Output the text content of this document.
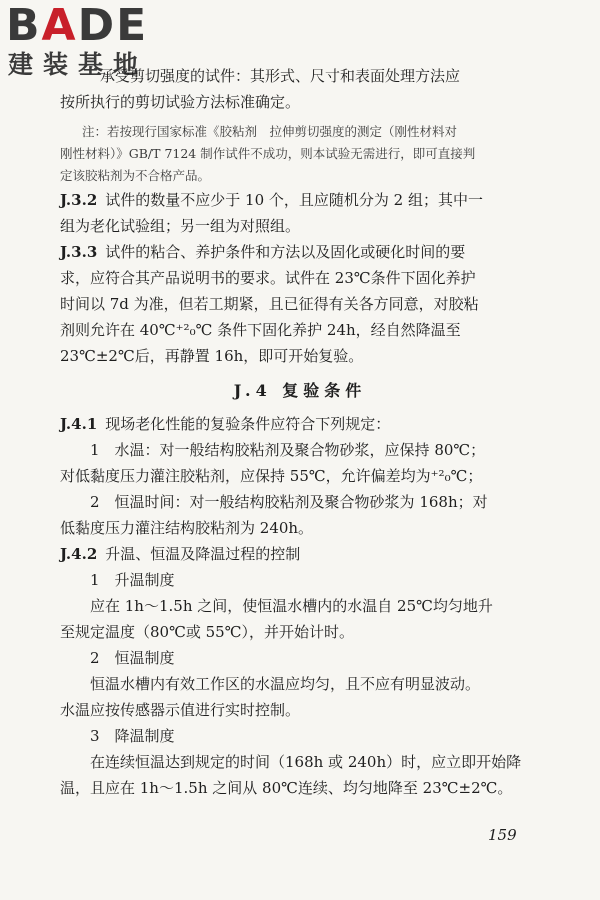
B A D E
建装基地
承受剪切强度的试件：其形式、尺寸和表面处理方法应
按所执行的剪切试验方法标准确定。
注：若按现行国家标准《胶粘剂　拉伸剪切强度的测定（刚性材料对
刚性材料）》GB/T 7124 制作试件不成功，则本试验无需进行，即可直接判
定该胶粘剂为不合格产品。
J.3.2 试件的数量不应少于 10 个，且应随机分为 2 组；其中一
组为老化试验组；另一组为对照组。
J.3.3 试件的粘合、养护条件和方法以及固化或硬化时间的要
求，应符合其产品说明书的要求。试件在 23℃条件下固化养护
时间以 7d 为准，但若工期紧，且已征得有关各方同意，对胶粘
剂则允许在 40℃⁺²₀℃ 条件下固化养护 24h，经自然降温至
23℃±2℃后，再静置 16h，即可开始复验。
J.4 复验条件
J.4.1 现场老化性能的复验条件应符合下列规定：
1　水温：对一般结构胶粘剂及聚合物砂浆，应保持 80℃；
对低黏度压力灌注胶粘剂，应保持 55℃，允许偏差均为⁺²₀℃；
2　恒温时间：对一般结构胶粘剂及聚合物砂浆为 168h；对
低黏度压力灌注结构胶粘剂为 240h。
J.4.2 升温、恒温及降温过程的控制
1　升温制度
应在 1h～1.5h 之间，使恒温水槽内的水温自 25℃均匀地升
至规定温度（80℃或 55℃），并开始计时。
2　恒温制度
恒温水槽内有效工作区的水温应均匀，且不应有明显波动。
水温应按传感器示值进行实时控制。
3　降温制度
在连续恒温达到规定的时间（168h 或 240h）时，应立即开始降
温，且应在 1h～1.5h 之间从 80℃连续、均匀地降至 23℃±2℃。
159
